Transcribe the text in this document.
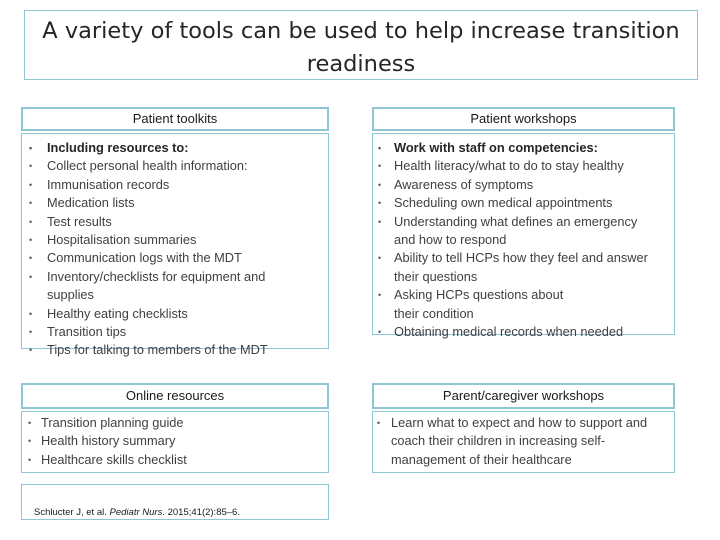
A variety of tools can be used to help increase transition readiness
Patient toolkits
• Including resources to:
• Collect personal health information:
• Immunisation records
• Medication lists
• Test results
• Hospitalisation summaries
• Communication logs with the MDT
• Inventory/checklists for equipment and supplies
• Healthy eating checklists
• Transition tips
• Tips for talking to members of the MDT
Patient workshops
• Work with staff on competencies:
• Health literacy/what to do to stay healthy
• Awareness of symptoms
• Scheduling own medical appointments
• Understanding what defines an emergency and how to respond
• Ability to tell HCPs how they feel and answer their questions
• Asking HCPs questions about their condition
• Obtaining medical records when needed
Online resources
• Transition planning guide
• Health history summary
• Healthcare skills checklist
Parent/caregiver workshops
• Learn what to expect and how to support and coach their children in increasing self-management of their healthcare
Schlucter J, et al. Pediatr Nurs. 2015;41(2):85–6.
